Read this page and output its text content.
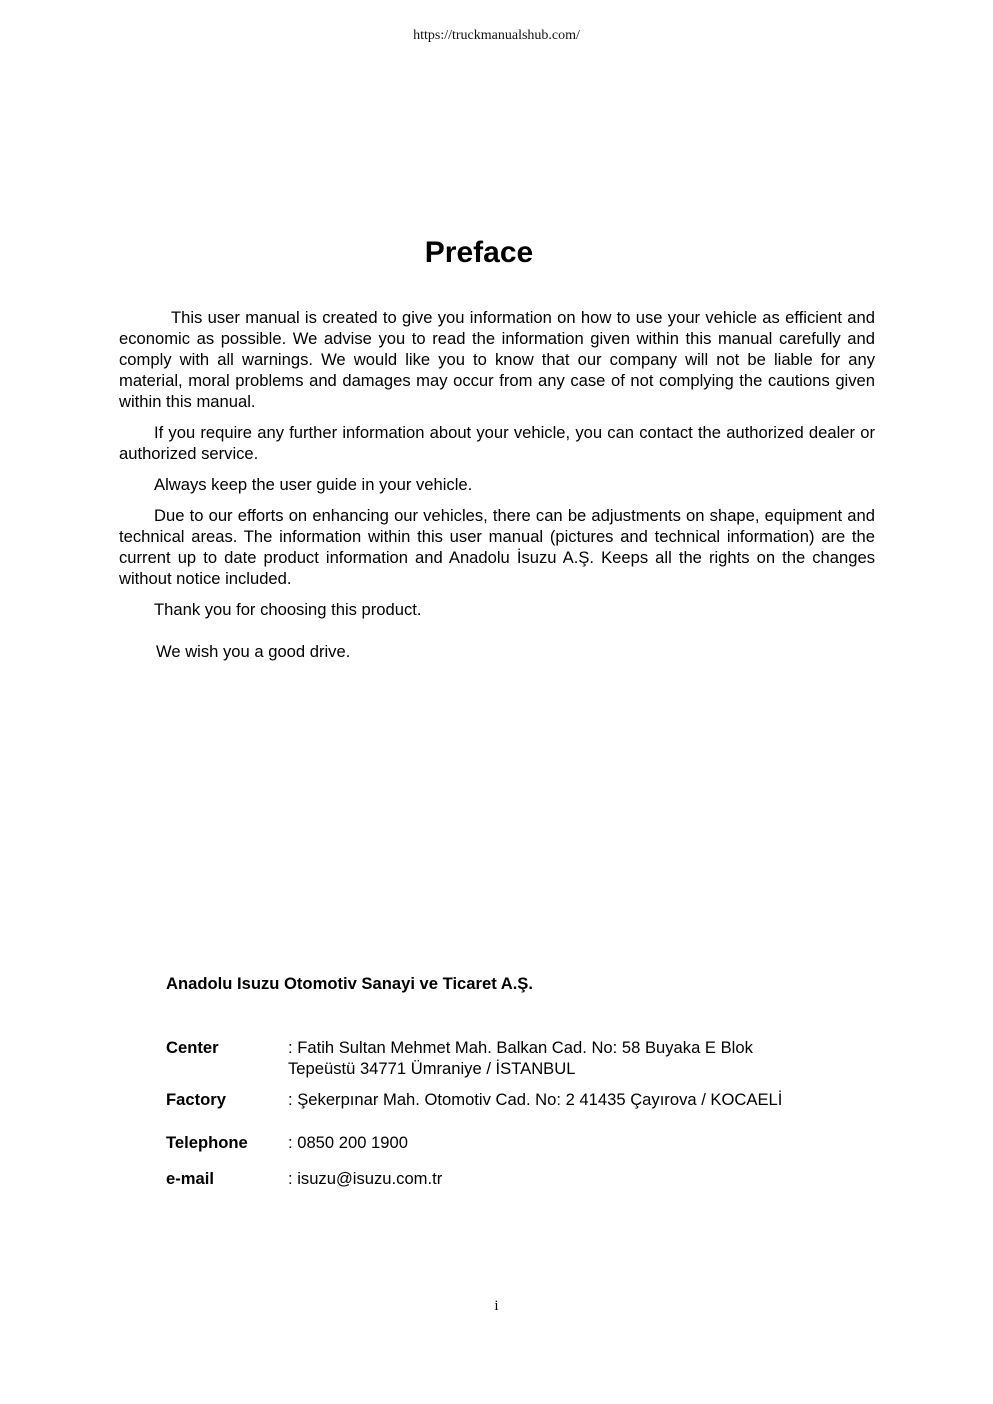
https://truckmanualshub.com/
Preface

This user manual is created to give you information on how to use your vehicle as efficient and economic as possible. We advise you to read the information given within this manual carefully and comply with all warnings. We would like you to know that our company will not be liable for any material, moral problems and damages may occur from any case of not complying the cautions given within this manual.

If you require any further information about your vehicle, you can contact the authorized dealer or authorized service.

Always keep the user guide in your vehicle.

Due to our efforts on enhancing our vehicles, there can be adjustments on shape, equipment and technical areas. The information within this user manual (pictures and technical information) are the current up to date product information and Anadolu İsuzu A.Ş. Keeps all the rights on the changes without notice included.

Thank you for choosing this product.

We wish you a good drive.

Anadolu Isuzu Otomotiv Sanayi ve Ticaret A.Ş.
Center	: Fatih Sultan Mehmet Mah. Balkan Cad. No: 58 Buyaka E Blok
Tepeüstü 34771 Ümraniye / İSTANBUL
Factory	: Şekerpınar Mah. Otomotiv Cad. No: 2 41435 Çayırova / KOCAELİ
Telephone	: 0850 200 1900
e-mail	: isuzu@isuzu.com.tr
i
